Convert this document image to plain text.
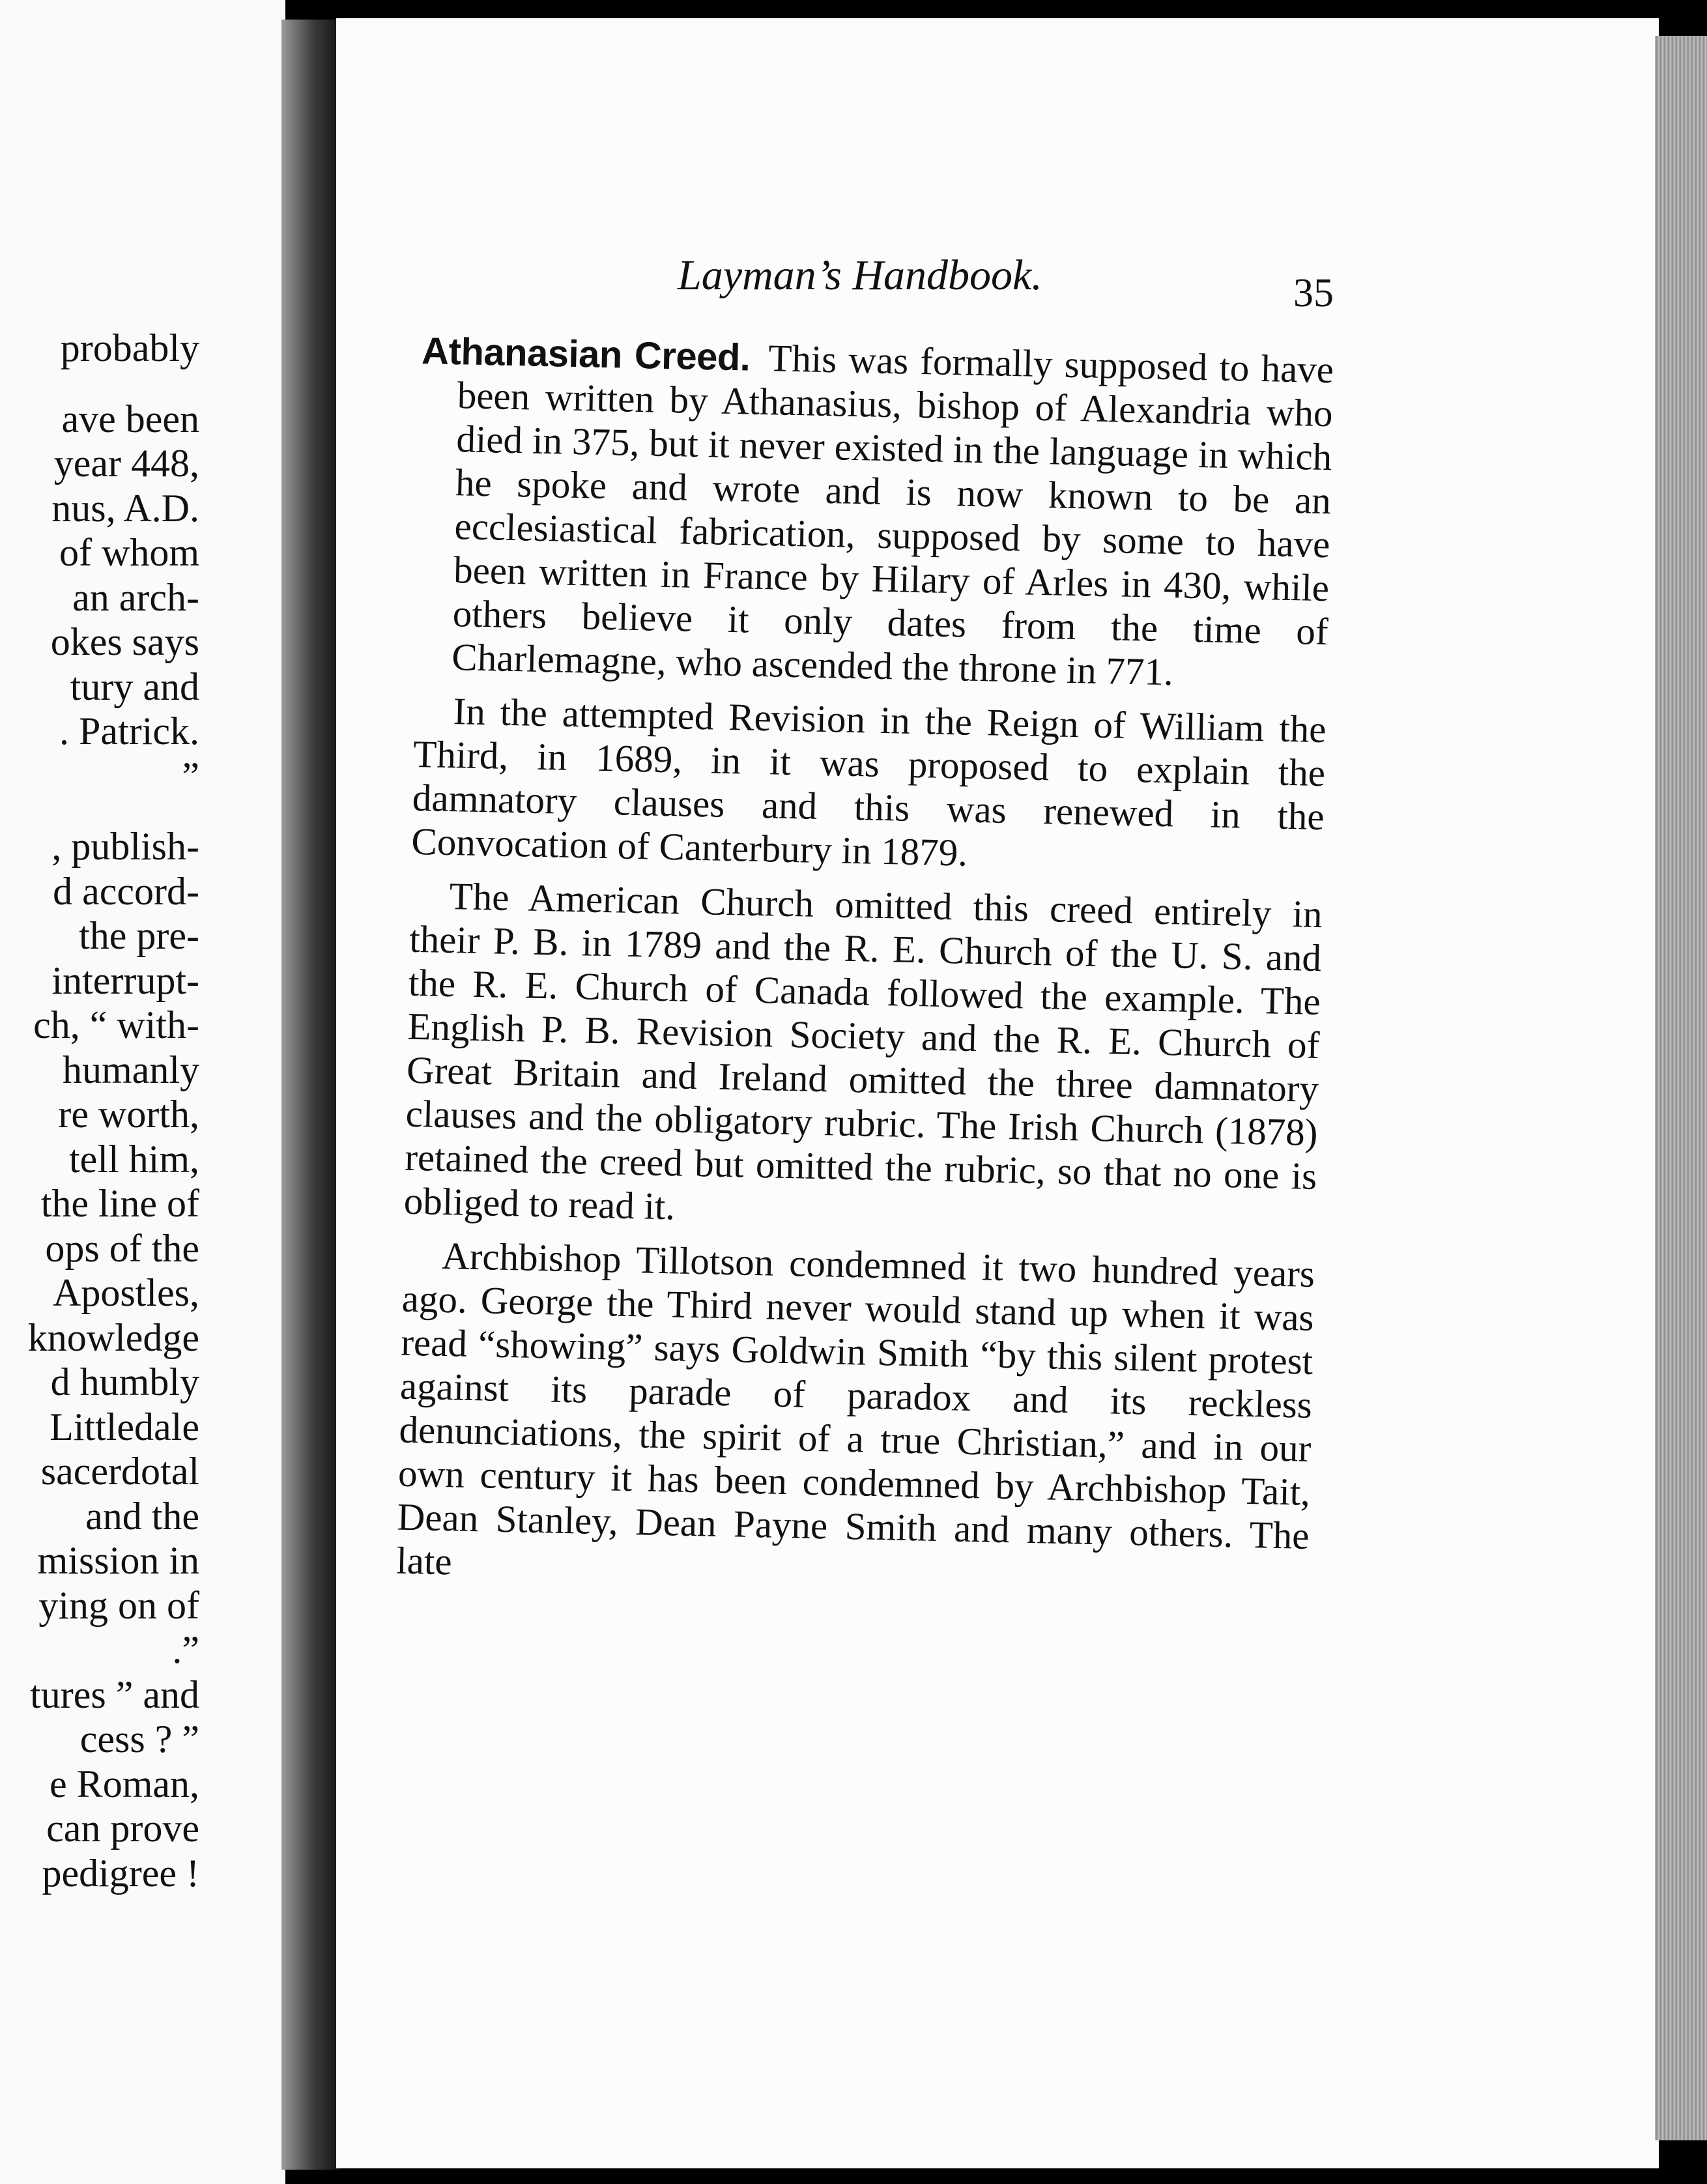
probably
ave been
year 448,
nus, A.D.
of whom
an arch-
okes says
tury and
. Patrick.
”
, publish-
d accord-
the pre-
interrupt-
ch, “ with-
humanly
re worth,
tell him,
the line of
ops of the
Apostles,
knowledge
d humbly
Littledale
sacerdotal
and the
mission in
ying on of
.”
tures ” and
cess ? ”
e Roman,
can prove
pedigree !
Layman’s Handbook.	35

Athanasian Creed. This was formally supposed to have been written by Athanasius, bishop of Alexandria who died in 375, but it never existed in the language in which he spoke and wrote and is now known to be an ecclesiastical fabrication, supposed by some to have been written in France by Hilary of Arles in 430, while others believe it only dates from the time of Charlemagne, who ascended the throne in 771.

In the attempted Revision in the Reign of William the Third, in 1689, in it was proposed to explain the damnatory clauses and this was renewed in the Convocation of Canterbury in 1879.

The American Church omitted this creed entirely in their P. B. in 1789 and the R. E. Church of the U. S. and the R. E. Church of Canada followed the example. The English P. B. Revision Society and the R. E. Church of Great Britain and Ireland omitted the three damnatory clauses and the obligatory rubric. The Irish Church (1878) retained the creed but omitted the rubric, so that no one is obliged to read it.

Archbishop Tillotson condemned it two hundred years ago. George the Third never would stand up when it was read “showing” says Goldwin Smith “by this silent protest against its parade of paradox and its reckless denunciations, the spirit of a true Christian,” and in our own century it has been condemned by Archbishop Tait, Dean Stanley, Dean Payne Smith and many others. The late
